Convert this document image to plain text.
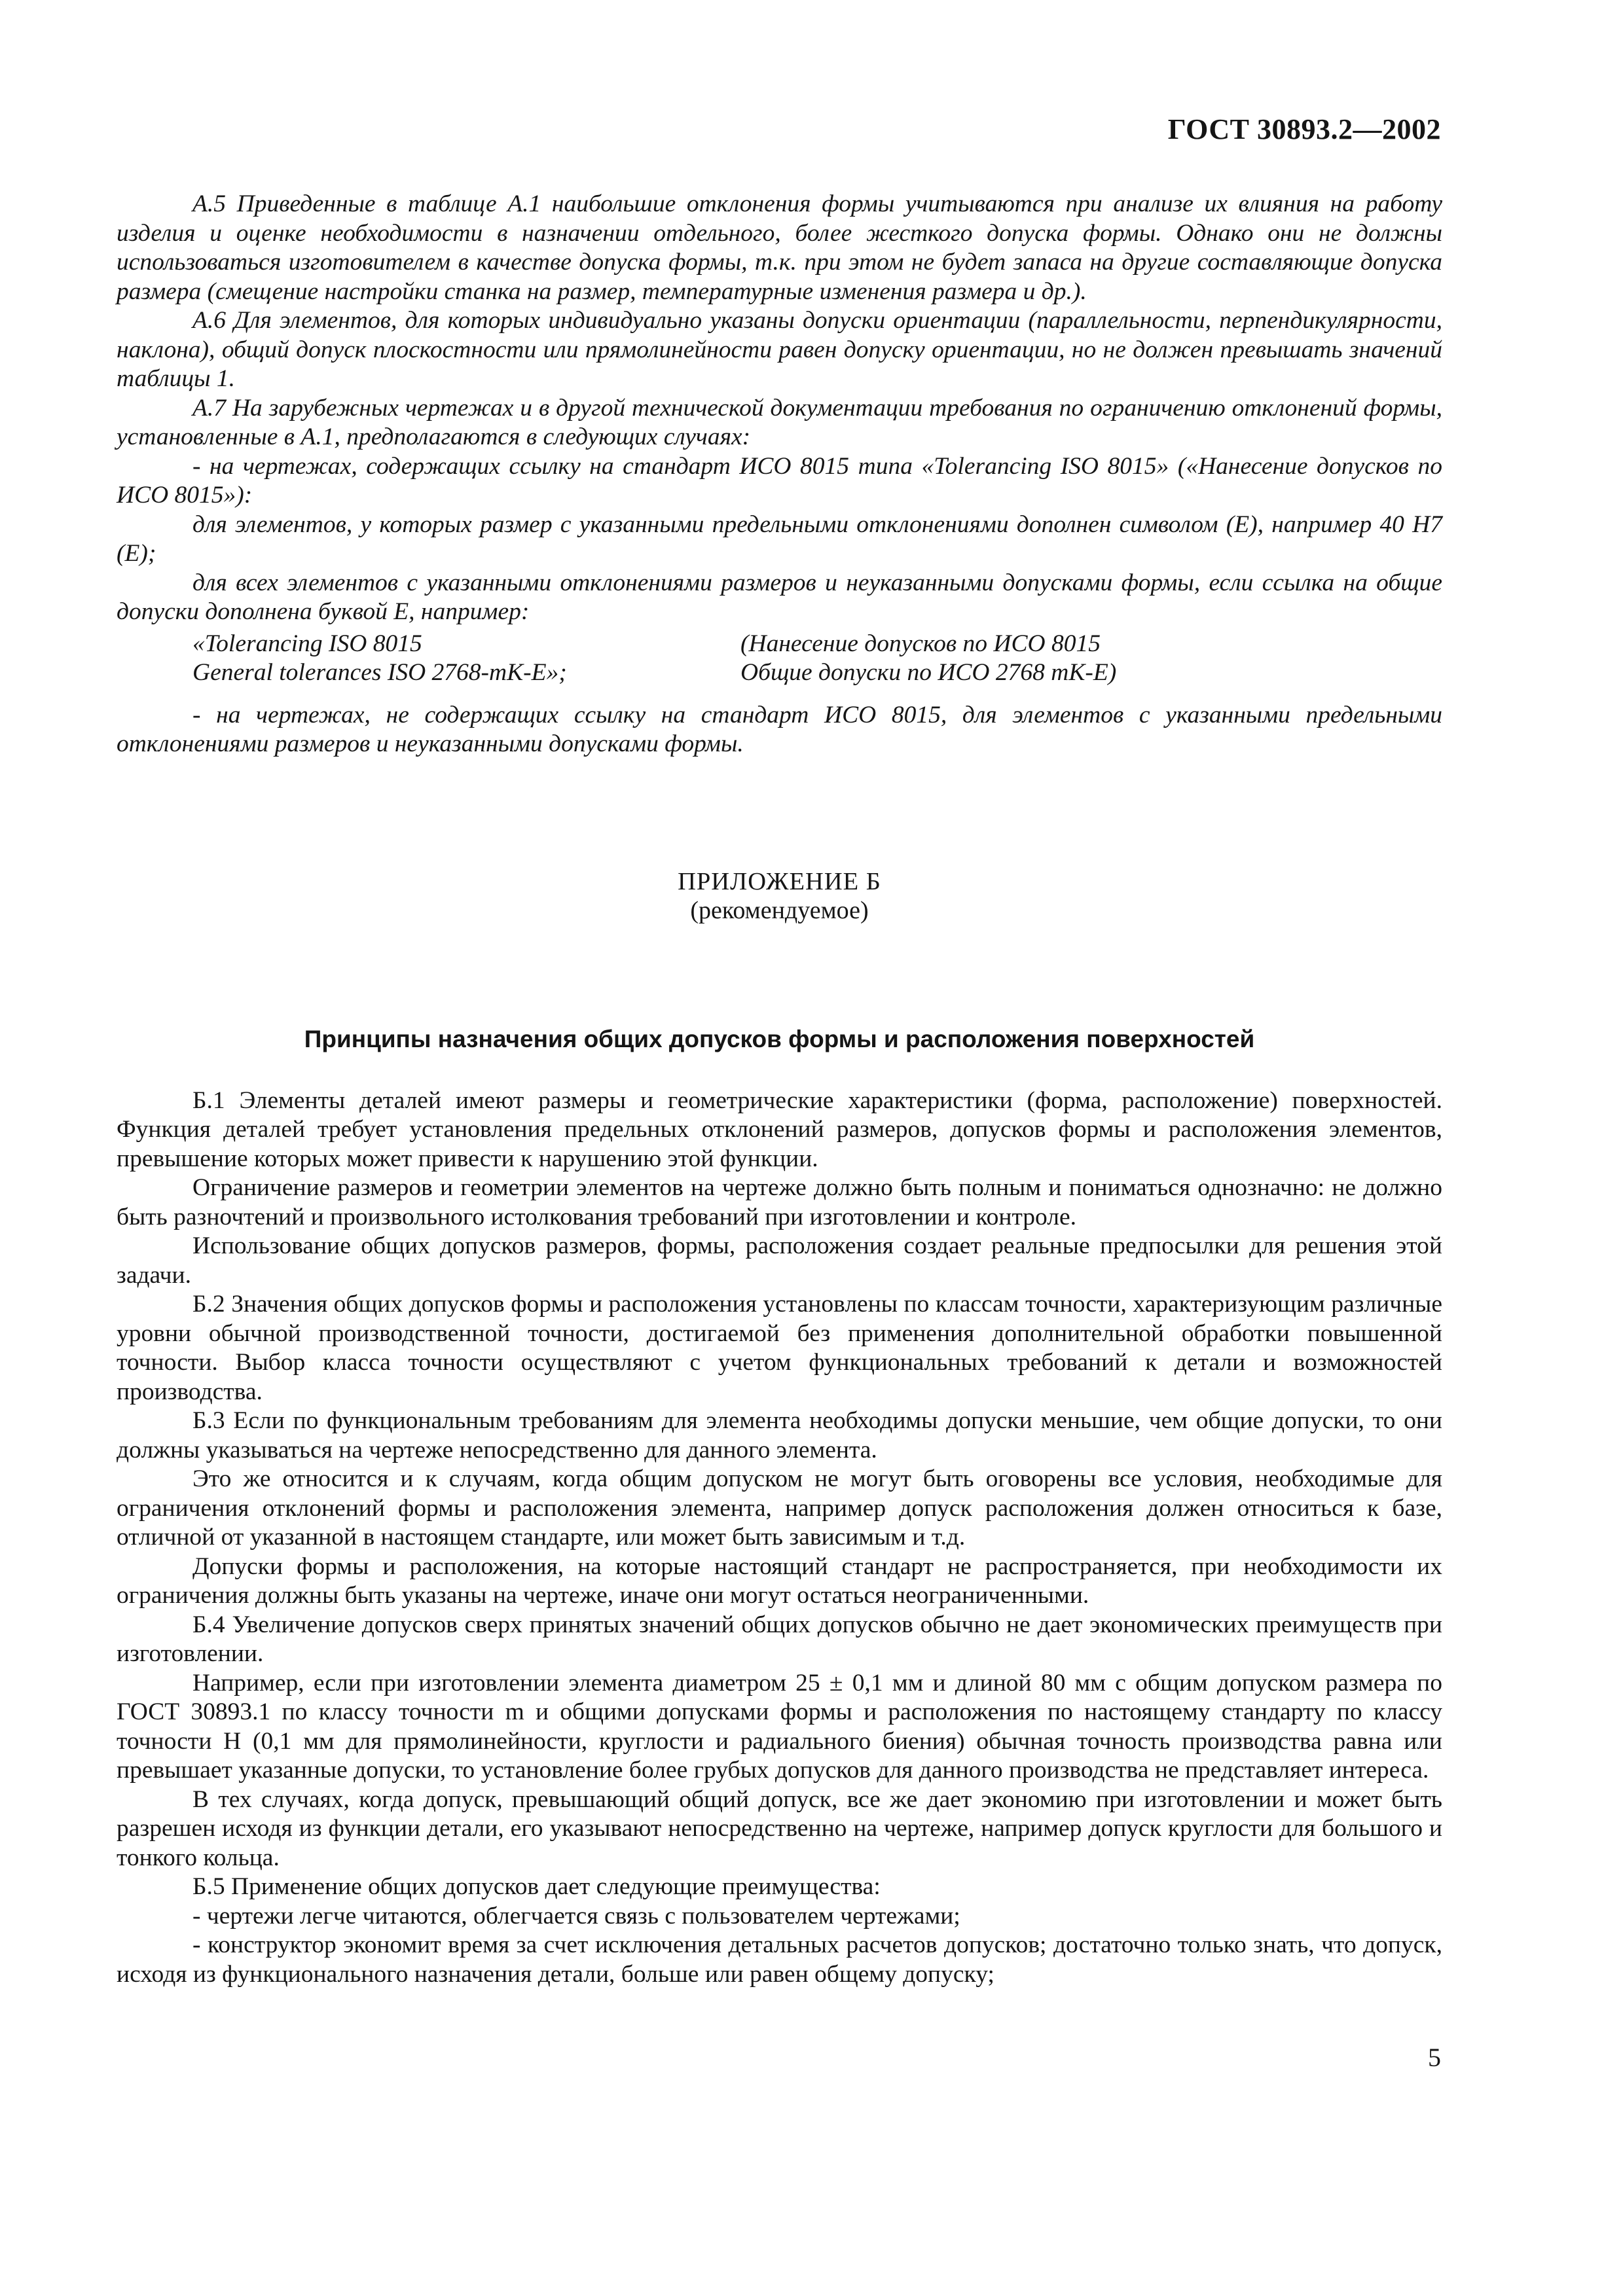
ГОСТ 30893.2—2002

А.5 Приведенные в таблице А.1 наибольшие отклонения формы учитываются при анализе их влияния на работу изделия и оценке необходимости в назначении отдельного, более жесткого допуска формы. Однако они не должны использоваться изготовителем в качестве допуска формы, т.к. при этом не будет запаса на другие составляющие допуска размера (смещение настройки станка на размер, температурные изменения размера и др.).

А.6 Для элементов, для которых индивидуально указаны допуски ориентации (параллельности, перпендикулярности, наклона), общий допуск плоскостности или прямолинейности равен допуску ориентации, но не должен превышать значений таблицы 1.

А.7 На зарубежных чертежах и в другой технической документации требования по ограничению отклонений формы, установленные в А.1, предполагаются в следующих случаях:

- на чертежах, содержащих ссылку на стандарт ИСО 8015 типа «Tolerancing ISO 8015» («Нанесение допусков по ИСО 8015»):

для элементов, у которых размер с указанными предельными отклонениями дополнен символом (Е), например 40 Н7 (Е);

для всех элементов с указанными отклонениями размеров и неуказанными допусками формы, если ссылка на общие допуски дополнена буквой Е, например:

«Tolerancing ISO 8015	(Нанесение допусков по ИСО 8015
General tolerances ISO 2768-mK-E»;	Общие допуски по ИСО 2768 mK-E)

- на чертежах, не содержащих ссылку на стандарт ИСО 8015, для элементов с указанными предельными отклонениями размеров и неуказанными допусками формы.

ПРИЛОЖЕНИЕ Б
(рекомендуемое)
Принципы назначения общих допусков формы и расположения поверхностей

Б.1 Элементы деталей имеют размеры и геометрические характеристики (форма, расположение) поверхностей. Функция деталей требует установления предельных отклонений размеров, допусков формы и расположения элементов, превышение которых может привести к нарушению этой функции.

Ограничение размеров и геометрии элементов на чертеже должно быть полным и пониматься однозначно: не должно быть разночтений и произвольного истолкования требований при изготовлении и контроле.

Использование общих допусков размеров, формы, расположения создает реальные предпосылки для решения этой задачи.

Б.2 Значения общих допусков формы и расположения установлены по классам точности, характеризующим различные уровни обычной производственной точности, достигаемой без применения дополнительной обработки повышенной точности. Выбор класса точности осуществляют с учетом функциональных требований к детали и возможностей производства.

Б.3 Если по функциональным требованиям для элемента необходимы допуски меньшие, чем общие допуски, то они должны указываться на чертеже непосредственно для данного элемента.

Это же относится и к случаям, когда общим допуском не могут быть оговорены все условия, необходимые для ограничения отклонений формы и расположения элемента, например допуск расположения должен относиться к базе, отличной от указанной в настоящем стандарте, или может быть зависимым и т.д.

Допуски формы и расположения, на которые настоящий стандарт не распространяется, при необходимости их ограничения должны быть указаны на чертеже, иначе они могут остаться неограниченными.

Б.4 Увеличение допусков сверх принятых значений общих допусков обычно не дает экономических преимуществ при изготовлении.

Например, если при изготовлении элемента диаметром 25 ± 0,1 мм и длиной 80 мм с общим допуском размера по ГОСТ 30893.1 по классу точности m и общими допусками формы и расположения по настоящему стандарту по классу точности Н (0,1 мм для прямолинейности, круглости и радиального биения) обычная точность производства равна или превышает указанные допуски, то установление более грубых допусков для данного производства не представляет интереса.

В тех случаях, когда допуск, превышающий общий допуск, все же дает экономию при изготовлении и может быть разрешен исходя из функции детали, его указывают непосредственно на чертеже, например допуск круглости для большого и тонкого кольца.

Б.5 Применение общих допусков дает следующие преимущества:

- чертежи легче читаются, облегчается связь с пользователем чертежами;

- конструктор экономит время за счет исключения детальных расчетов допусков; достаточно только знать, что допуск, исходя из функционального назначения детали, больше или равен общему допуску;

5
